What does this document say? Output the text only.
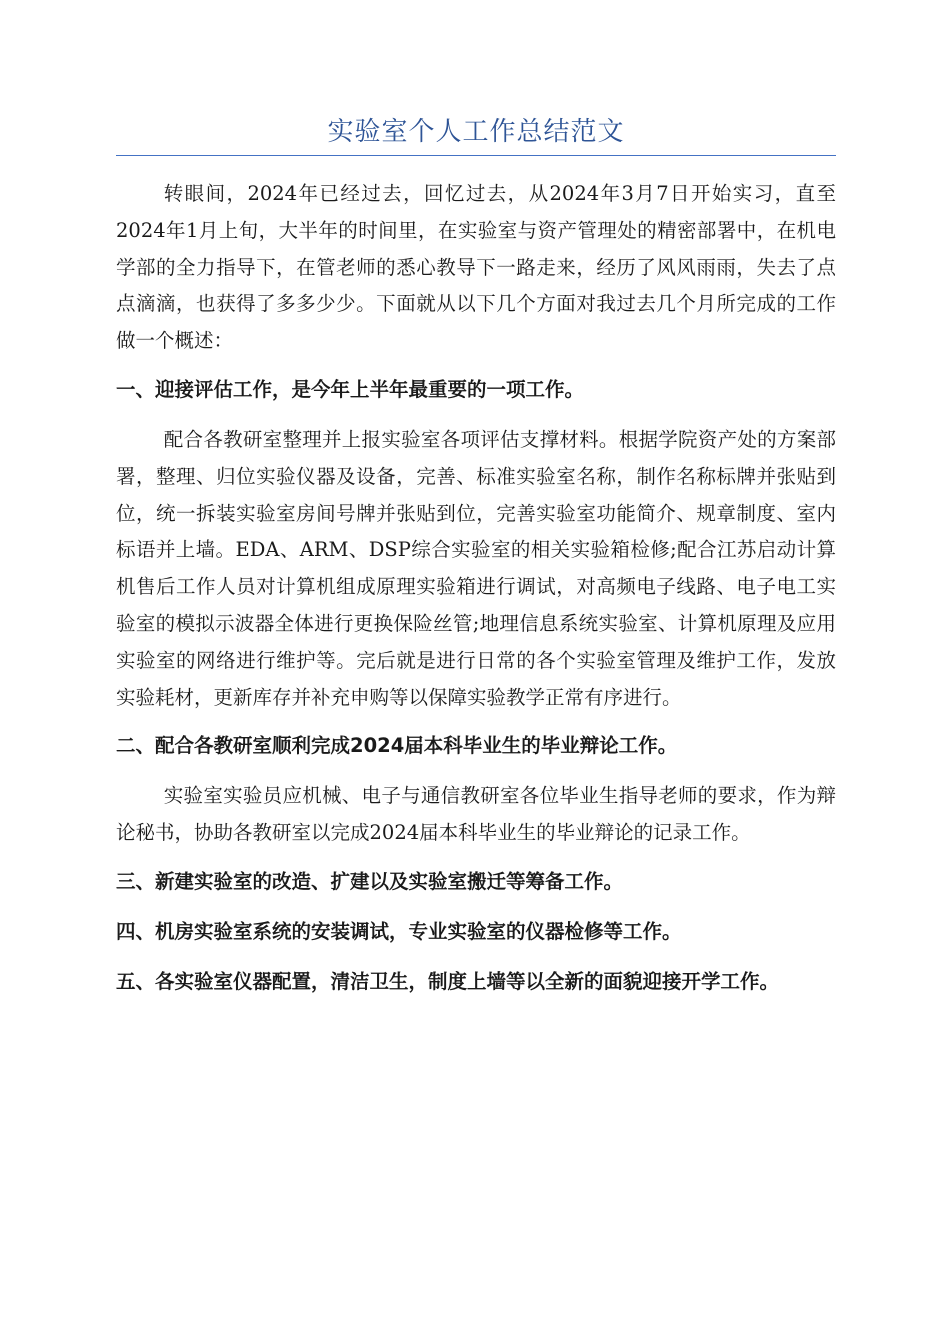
实验室个人工作总结范文

转眼间，2024年已经过去，回忆过去，从2024年3月7日开始实习，直至2024年1月上旬，大半年的时间里，在实验室与资产管理处的精密部署中，在机电学部的全力指导下，在管老师的悉心教导下一路走来，经历了风风雨雨，失去了点点滴滴，也获得了多多少少。下面就从以下几个方面对我过去几个月所完成的工作做一个概述：

一、迎接评估工作，是今年上半年最重要的一项工作。

配合各教研室整理并上报实验室各项评估支撑材料。根据学院资产处的方案部署，整理、归位实验仪器及设备，完善、标准实验室名称，制作名称标牌并张贴到位，统一拆装实验室房间号牌并张贴到位，完善实验室功能简介、规章制度、室内标语并上墙。EDA、ARM、DSP综合实验室的相关实验箱检修;配合江苏启动计算机售后工作人员对计算机组成原理实验箱进行调试，对高频电子线路、电子电工实验室的模拟示波器全体进行更换保险丝管;地理信息系统实验室、计算机原理及应用实验室的网络进行维护等。完后就是进行日常的各个实验室管理及维护工作，发放实验耗材，更新库存并补充申购等以保障实验教学正常有序进行。

二、配合各教研室顺利完成2024届本科毕业生的毕业辩论工作。

实验室实验员应机械、电子与通信教研室各位毕业生指导老师的要求，作为辩论秘书，协助各教研室以完成2024届本科毕业生的毕业辩论的记录工作。

三、新建实验室的改造、扩建以及实验室搬迁等筹备工作。
四、机房实验室系统的安装调试，专业实验室的仪器检修等工作。
五、各实验室仪器配置，清洁卫生，制度上墙等以全新的面貌迎接开学工作。
